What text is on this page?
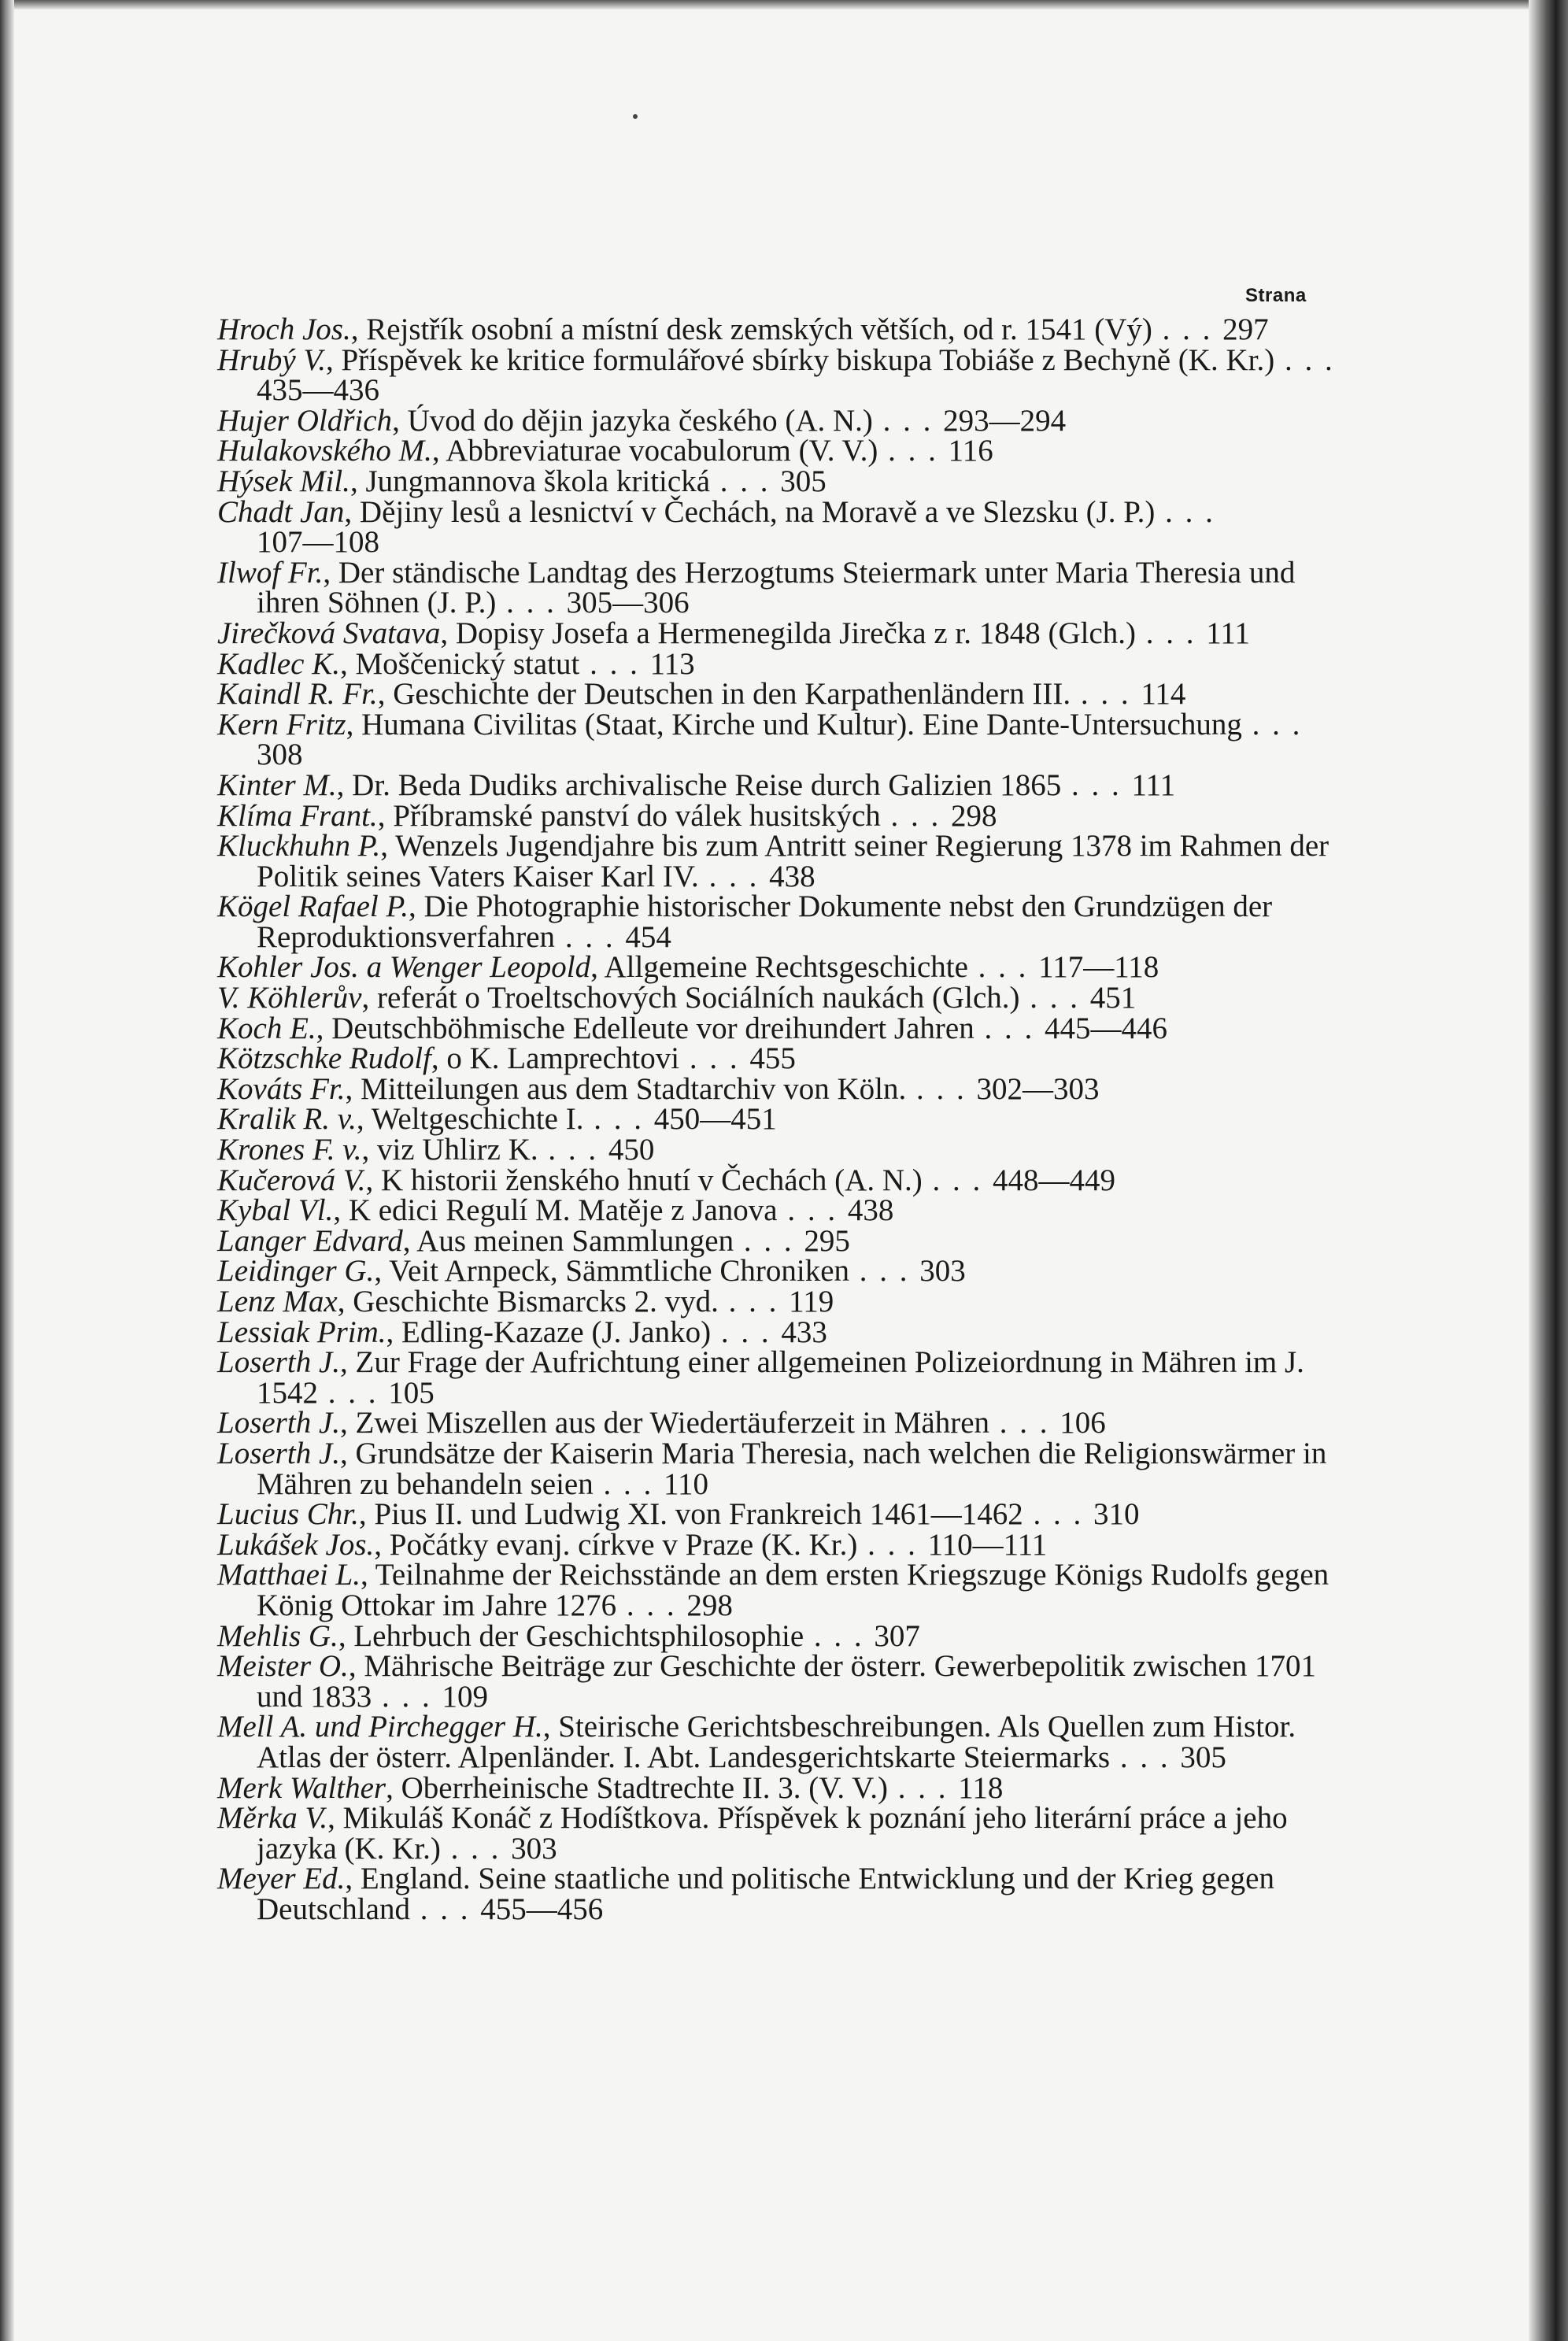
Strana
Hroch Jos., Rejstřík osobní a místní desk zemských větších, od r. 1541 (Vý) . . . 297
Hrubý V., Příspěvek ke kritice formulářové sbírky biskupa Tobiáše z Bechyně (K. Kr.) . . . 435—436
Hujer Oldřich, Úvod do dějin jazyka českého (A. N.) . . . 293—294
Hulakovského M., Abbreviaturae vocabulorum (V. V.) . . . 116
Hýsek Mil., Jungmannova škola kritická . . . 305
Chadt Jan, Dějiny lesů a lesnictví v Čechách, na Moravě a ve Slezsku (J. P.) . . . 107—108
Ilwof Fr., Der ständische Landtag des Herzogtums Steiermark unter Maria Theresia und ihren Söhnen (J. P.) . . . 305—306
Jirečková Svatava, Dopisy Josefa a Hermenegilda Jirečka z r. 1848 (Glch.) . . . 111
Kadlec K., Moščenický statut . . . 113
Kaindl R. Fr., Geschichte der Deutschen in den Karpathenländern III. . . . 114
Kern Fritz, Humana Civilitas (Staat, Kirche und Kultur). Eine Dante-Untersuchung . . . 308
Kinter M., Dr. Beda Dudiks archivalische Reise durch Galizien 1865 . . . 111
Klíma Frant., Příbramské panství do válek husitských . . . 298
Kluckhuhn P., Wenzels Jugendjahre bis zum Antritt seiner Regierung 1378 im Rahmen der Politik seines Vaters Kaiser Karl IV. . . . 438
Kögel Rafael P., Die Photographie historischer Dokumente nebst den Grundzügen der Reproduktionsverfahren . . . 454
Kohler Jos. a Wenger Leopold, Allgemeine Rechtsgeschichte . . . 117—118
V. Köhlerův, referát o Troeltschových Sociálních naukách (Glch.) . . . 451
Koch E., Deutschböhmische Edelleute vor dreihundert Jahren . . . 445—446
Kötzschke Rudolf, o K. Lamprechtovi . . . 455
Kováts Fr., Mitteilungen aus dem Stadtarchiv von Köln. . . . 302—303
Kralik R. v., Weltgeschichte I. . . . 450—451
Krones F. v., viz Uhlirz K. . . . 450
Kučerová V., K historii ženského hnutí v Čechách (A. N.) . . . 448—449
Kybal Vl., K edici Regulí M. Matěje z Janova . . . 438
Langer Edvard, Aus meinen Sammlungen . . . 295
Leidinger G., Veit Arnpeck, Sämmtliche Chroniken . . . 303
Lenz Max, Geschichte Bismarcks 2. vyd. . . . 119
Lessiak Prim., Edling-Kazaze (J. Janko) . . . 433
Loserth J., Zur Frage der Aufrichtung einer allgemeinen Polizeiordnung in Mähren im J. 1542 . . . 105
Loserth J., Zwei Miszellen aus der Wiedertäuferzeit in Mähren . . . 106
Loserth J., Grundsätze der Kaiserin Maria Theresia, nach welchen die Religionswärmer in Mähren zu behandeln seien . . . 110
Lucius Chr., Pius II. und Ludwig XI. von Frankreich 1461—1462 . . . 310
Lukášek Jos., Počátky evanj. církve v Praze (K. Kr.) . . . 110—111
Matthaei L., Teilnahme der Reichsstände an dem ersten Kriegszuge Königs Rudolfs gegen König Ottokar im Jahre 1276 . . . 298
Mehlis G., Lehrbuch der Geschichtsphilosophie . . . 307
Meister O., Mährische Beiträge zur Geschichte der österr. Gewerbepolitik zwischen 1701 und 1833 . . . 109
Mell A. und Pirchegger H., Steirische Gerichtsbeschreibungen. Als Quellen zum Histor. Atlas der österr. Alpenländer. I. Abt. Landesgerichtskarte Steiermarks . . . 305
Merk Walther, Oberrheinische Stadtrechte II. 3. (V. V.) . . . 118
Měrka V., Mikuláš Konáč z Hodíštkova. Příspěvek k poznání jeho literární práce a jeho jazyka (K. Kr.) . . . 303
Meyer Ed., England. Seine staatliche und politische Entwicklung und der Krieg gegen Deutschland . . . 455—456
